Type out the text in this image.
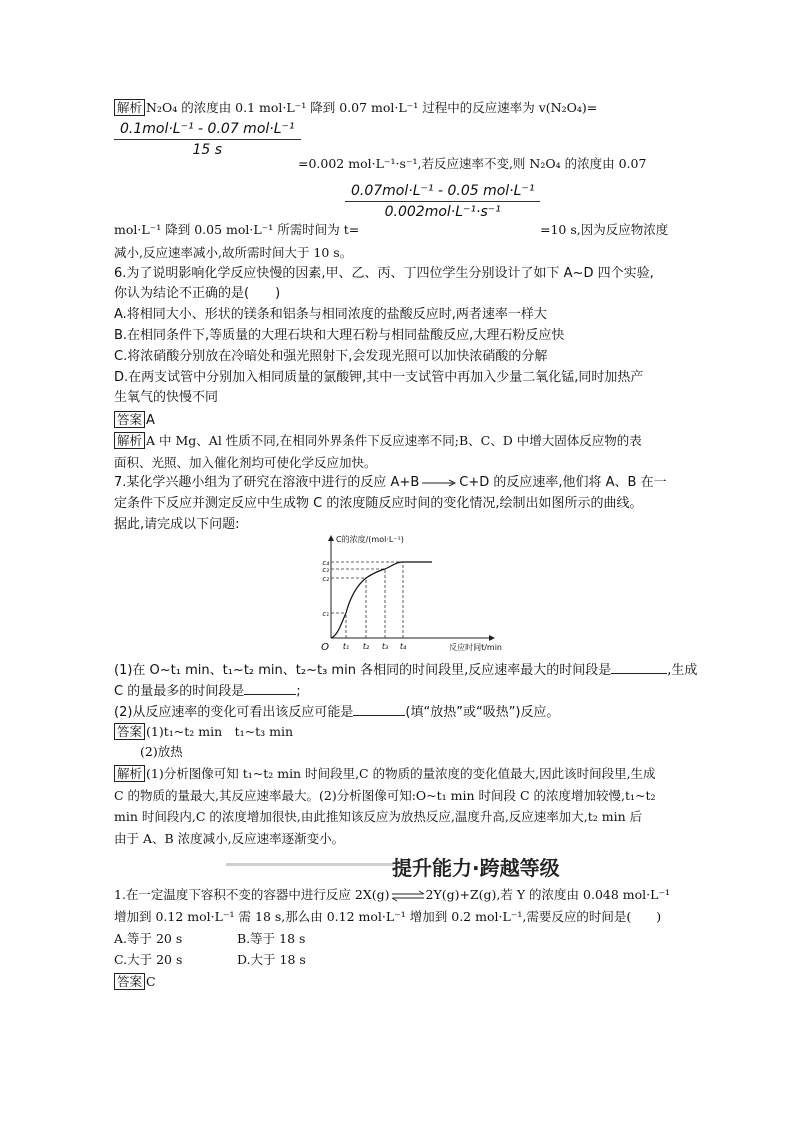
解析 N₂O₄ 的浓度由 0.1 mol·L⁻¹ 降到 0.07 mol·L⁻¹ 过程中的反应速率为 v(N₂O₄)=
0.1mol·L⁻¹ - 0.07 mol·L⁻¹
15 s
=0.002 mol·L⁻¹·s⁻¹,若反应速率不变,则 N₂O₄ 的浓度由 0.07
0.07mol·L⁻¹ - 0.05 mol·L⁻¹
0.002mol·L⁻¹·s⁻¹
mol·L⁻¹ 降到 0.05 mol·L⁻¹ 所需时间为 t=	=10 s,因为反应物浓度
减小,反应速率减小,故所需时间大于 10 s。
6.为了说明影响化学反应快慢的因素,甲、乙、丙、丁四位学生分别设计了如下 A~D 四个实验,
你认为结论不正确的是(　　)
A.将相同大小、形状的镁条和铝条与相同浓度的盐酸反应时,两者速率一样大
B.在相同条件下,等质量的大理石块和大理石粉与相同盐酸反应,大理石粉反应快
C.将浓硝酸分别放在冷暗处和强光照射下,会发现光照可以加快浓硝酸的分解
D.在两支试管中分别加入相同质量的氯酸钾,其中一支试管中再加入少量二氧化锰,同时加热产
生氧气的快慢不同
答案 A
解析 A 中 Mg、Al 性质不同,在相同外界条件下反应速率不同;B、C、D 中增大固体反应物的表
面积、光照、加入催化剂均可使化学反应加快。
7.某化学兴趣小组为了研究在溶液中进行的反应 A+B→C+D 的反应速率,他们将 A、B 在一
定条件下反应并测定反应中生成物 C 的浓度随反应时间的变化情况,绘制出如图所示的曲线。
据此,请完成以下问题:
t₁ t₂ t₃ t₄
c₁
c₂
c₃
c₄
O
C的浓度/(mol·L⁻¹)
反应时间t/min
(1)在 O~t₁ min、t₁~t₂ min、t₂~t₃ min 各相同的时间段里,反应速率最大的时间段是	,生成
C 的量最多的时间段是	;
(2)从反应速率的变化可看出该反应可能是	(填“放热”或“吸热”)反应。
答案 (1)t₁~t₂ min　t₁~t₃ min
(2)放热
解析 (1)分析图像可知 t₁~t₂ min 时间段里,C 的物质的量浓度的变化值最大,因此该时间段里,生成
C 的物质的量最大,其反应速率最大。(2)分析图像可知:O~t₁ min 时间段 C 的浓度增加较慢,t₁~t₂
min 时间段内,C 的浓度增加很快,由此推知该反应为放热反应,温度升高,反应速率加大,t₂ min 后
由于 A、B 浓度减小,反应速率逐渐变小。
提升能力·跨越等级
1.在一定温度下容积不变的容器中进行反应 2X(g)⇌2Y(g)+Z(g),若 Y 的浓度由 0.048 mol·L⁻¹
增加到 0.12 mol·L⁻¹ 需 18 s,那么由 0.12 mol·L⁻¹ 增加到 0.2 mol·L⁻¹,需要反应的时间是(　　)
A.等于 20 s	B.等于 18 s
C.大于 20 s	D.大于 18 s
答案 C
